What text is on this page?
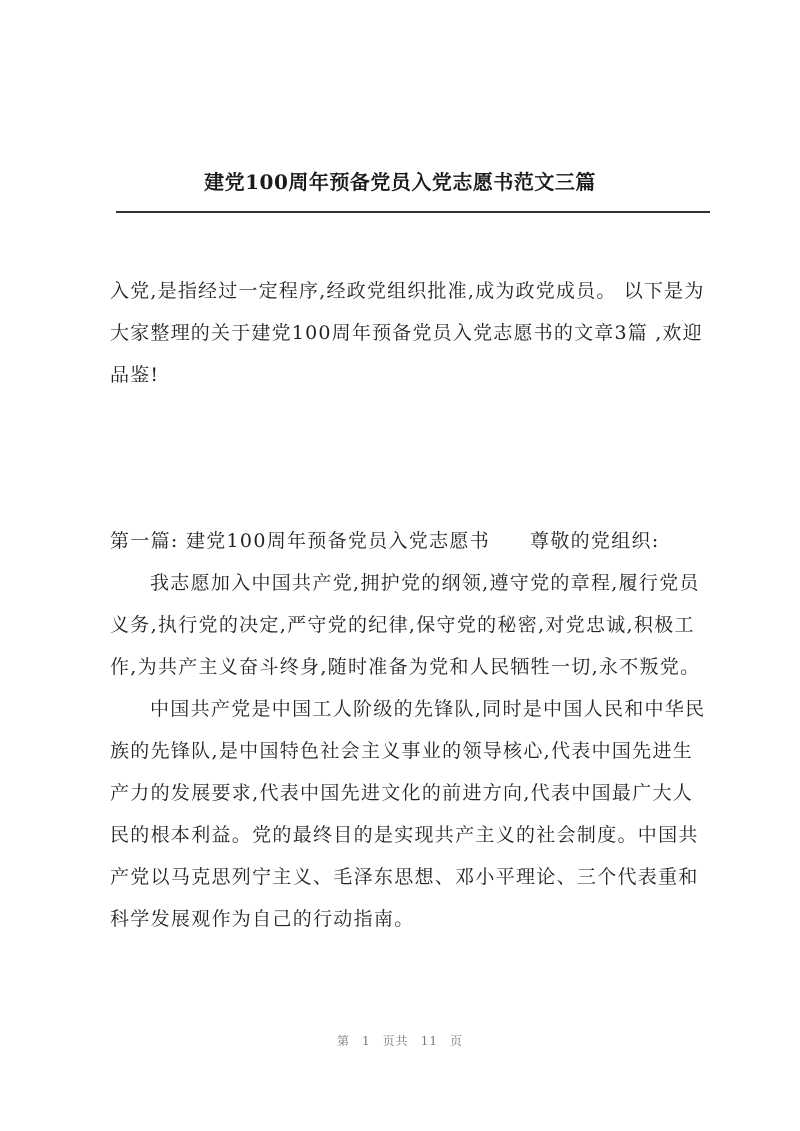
建党100周年预备党员入党志愿书范文三篇
入党,是指经过一定程序,经政党组织批准,成为政党成员。 以下是为大家整理的关于建党100周年预备党员入党志愿书的文章3篇 ,欢迎品鉴!
第一篇: 建党100周年预备党员入党志愿书 尊敬的党组织:

我志愿加入中国共产党,拥护党的纲领,遵守党的章程,履行党员义务,执行党的决定,严守党的纪律,保守党的秘密,对党忠诚,积极工作,为共产主义奋斗终身,随时准备为党和人民牺牲一切,永不叛党。

中国共产党是中国工人阶级的先锋队,同时是中国人民和中华民族的先锋队,是中国特色社会主义事业的领导核心,代表中国先进生产力的发展要求,代表中国先进文化的前进方向,代表中国最广大人民的根本利益。党的最终目的是实现共产主义的社会制度。中国共产党以马克思列宁主义、毛泽东思想、邓小平理论、三个代表重和科学发展观作为自己的行动指南。

第 1 页共 11 页
